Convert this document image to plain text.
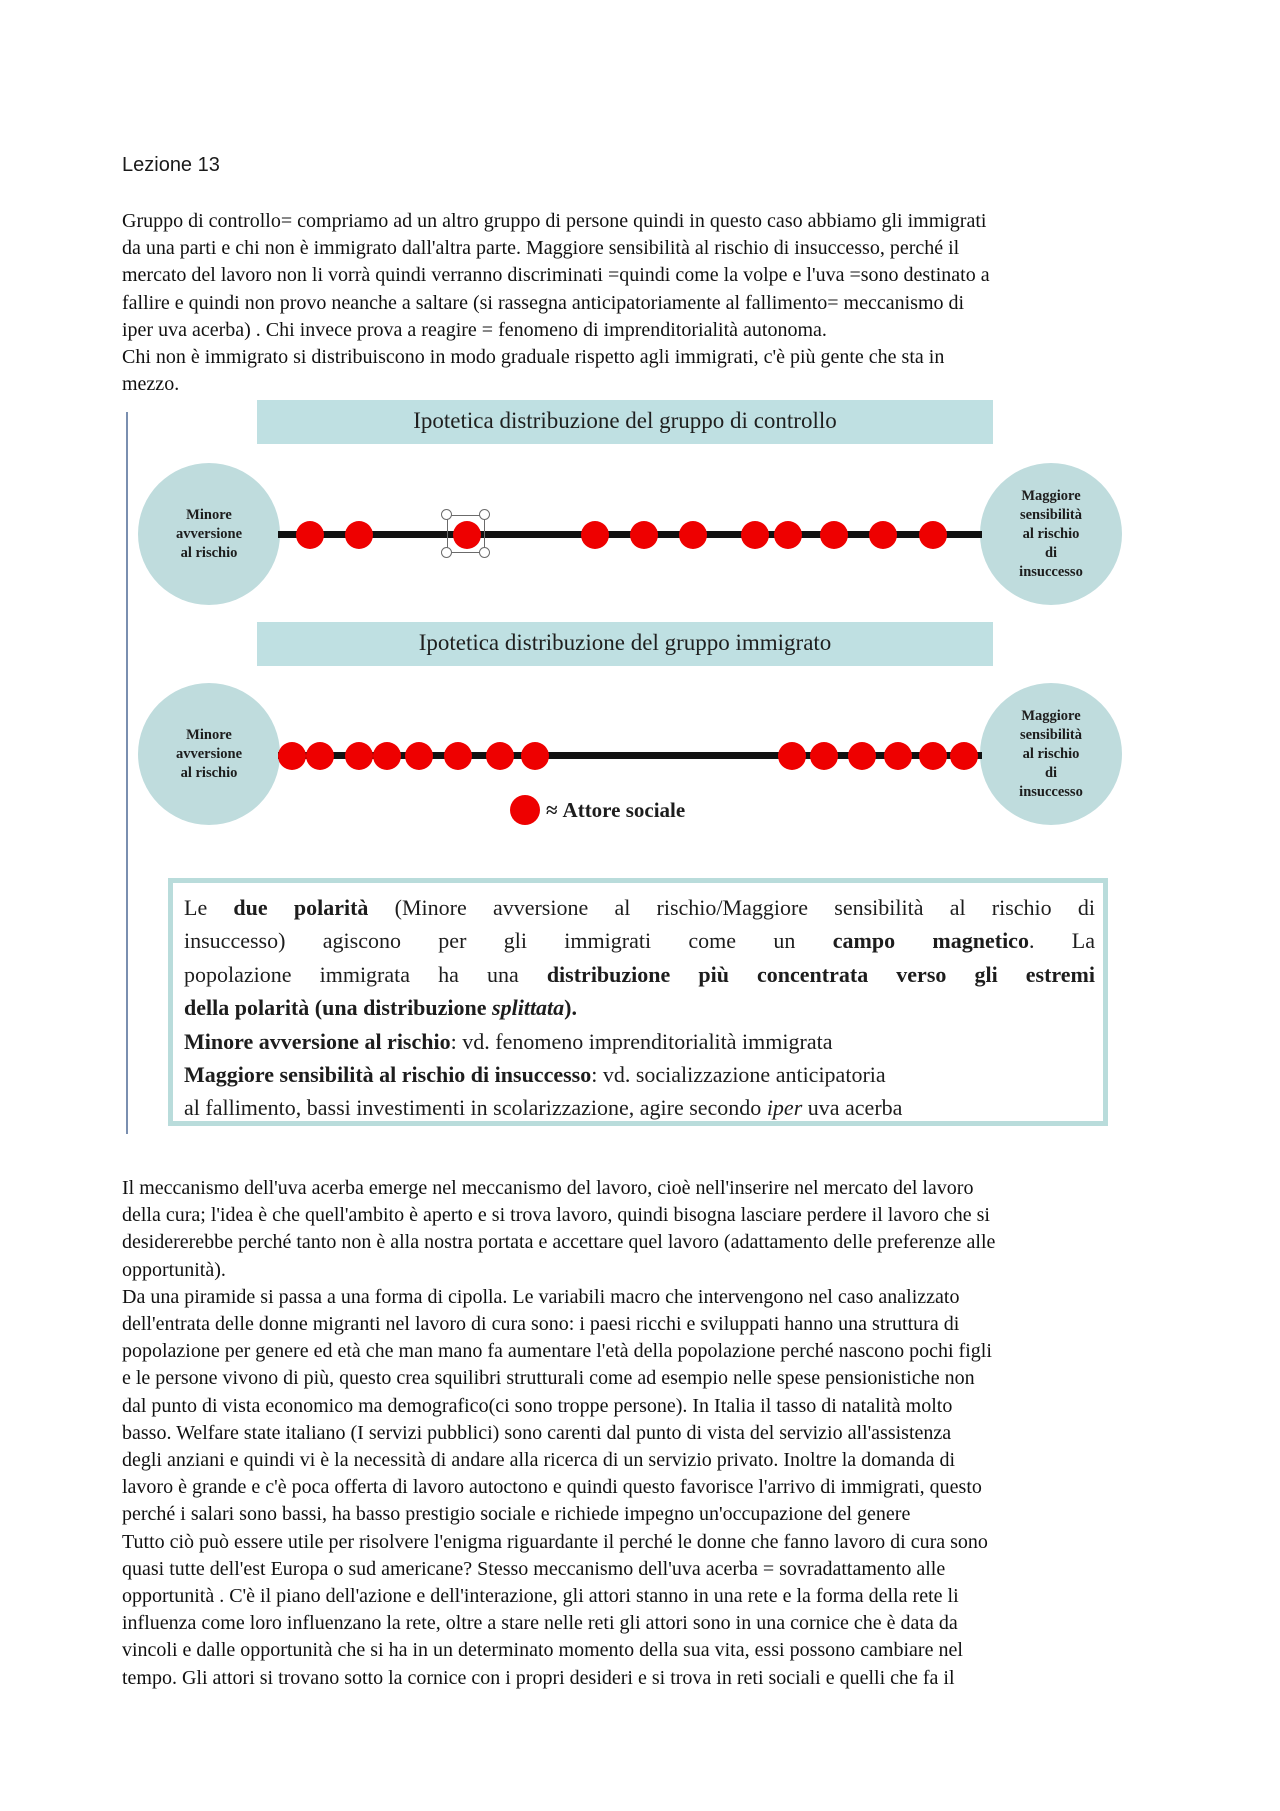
Lezione 13
Gruppo di controllo= compriamo ad un altro gruppo di persone quindi in questo caso abbiamo gli immigrati
da una parti e chi non è immigrato dall'altra parte. Maggiore sensibilità al rischio di insuccesso, perché il
mercato del lavoro non li vorrà quindi verranno discriminati =quindi come la volpe e l'uva =sono destinato a
fallire e quindi non provo neanche a saltare (si rassegna anticipatoriamente al fallimento= meccanismo di
iper uva acerba) . Chi invece prova a reagire = fenomeno di imprenditorialità autonoma.
Chi non è immigrato si distribuiscono in modo graduale rispetto agli immigrati, c'è più gente che sta in
mezzo.
Ipotetica distribuzione del gruppo di controllo
Minore
avversione
al rischio
Maggiore
sensibilità
al rischio
di
insuccesso
Ipotetica distribuzione del gruppo immigrato
Minore
avversione
al rischio
Maggiore
sensibilità
al rischio
di
insuccesso
≈ Attore sociale

Le due polarità (Minore avversione al rischio/Maggiore sensibilità al rischio di

insuccesso) agiscono per gli immigrati come un campo magnetico. La

popolazione immigrata ha una distribuzione più concentrata verso gli estremi

della polarità (una distribuzione splittata).

Minore avversione al rischio: vd. fenomeno imprenditorialità immigrata

Maggiore sensibilità al rischio di insuccesso: vd. socializzazione anticipatoria

al fallimento, bassi investimenti in scolarizzazione, agire secondo iper uva acerba

Il meccanismo dell'uva acerba emerge nel meccanismo del lavoro, cioè nell'inserire nel mercato del lavoro
della cura; l'idea è che quell'ambito è aperto e si trova lavoro, quindi bisogna lasciare perdere il lavoro che si
desidererebbe perché tanto non è alla nostra portata e accettare quel lavoro (adattamento delle preferenze alle
opportunità).
Da una piramide si passa a una forma di cipolla. Le variabili macro che intervengono nel caso analizzato
dell'entrata delle donne migranti nel lavoro di cura sono: i paesi ricchi e sviluppati hanno una struttura di
popolazione per genere ed età che man mano fa aumentare l'età della popolazione perché nascono pochi figli
e le persone vivono di più, questo crea squilibri strutturali come ad esempio nelle spese pensionistiche non
dal punto di vista economico ma demografico(ci sono troppe persone). In Italia il tasso di natalità molto
basso. Welfare state italiano (I servizi pubblici) sono carenti dal punto di vista del servizio all'assistenza
degli anziani e quindi vi è la necessità di andare alla ricerca di un servizio privato. Inoltre la domanda di
lavoro è grande e c'è poca offerta di lavoro autoctono e quindi questo favorisce l'arrivo di immigrati, questo
perché i salari sono bassi, ha basso prestigio sociale e richiede impegno un'occupazione del genere
Tutto ciò può essere utile per risolvere l'enigma riguardante il perché le donne che fanno lavoro di cura sono
quasi tutte dell'est Europa o sud americane? Stesso meccanismo dell'uva acerba = sovradattamento alle
opportunità . C'è il piano dell'azione e dell'interazione, gli attori stanno in una rete e la forma della rete li
influenza come loro influenzano la rete, oltre a stare nelle reti gli attori sono in una cornice che è data da
vincoli e dalle opportunità che si ha in un determinato momento della sua vita, essi possono cambiare nel
tempo. Gli attori si trovano sotto la cornice con i propri desideri e si trova in reti sociali e quelli che fa il
